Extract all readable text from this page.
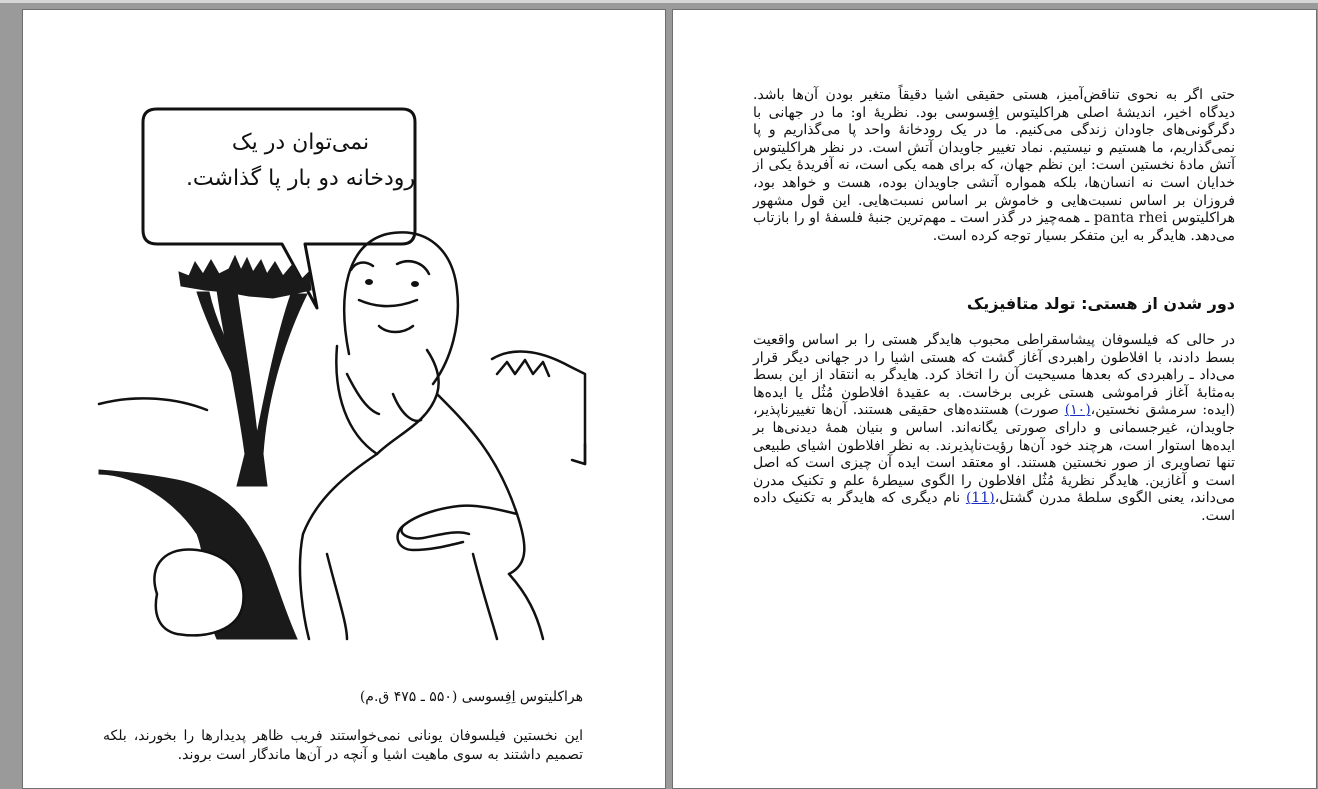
نمی‌توان در یک
رودخانه دو بار پا گذاشت.
هراکلیتوس اِفِسوسی (۵۵۰ ـ ۴۷۵ ق.م)

این نخستین فیلسوفان یونانی نمی‌خواستند فریب ظاهر پدیدارها را بخورند، بلکه تصمیم داشتند به سوی ماهیت اشیا و آنچه در آن‌ها ماندگار است بروند.

حتی اگر به نحوی تناقض‌آمیز، هستی حقیقی اشیا دقیقاً متغیر بودن آن‌ها باشد. دیدگاه اخیر، اندیشهٔ اصلی هراکلیتوس اِفِسوسی بود. نظریهٔ او: ما در جهانی با دگرگونی‌های جاودان زندگی می‌کنیم. ما در یک رودخانهٔ واحد پا می‌گذاریم و پا نمی‌گذاریم، ما هستیم و نیستیم. نماد تغییر جاویدان آتش است. در نظر هراکلیتوس آتش مادهٔ نخستین است: این نظم جهان، که برای همه یکی است، نه آفریدهٔ یکی از خدایان است نه انسان‌ها، بلکه همواره آتشی جاویدان بوده، هست و خواهد بود، فروزان بر اساس نسبت‌هایی و خاموش بر اساس نسبت‌هایی. این قول مشهور هراکلیتوس panta rhei ـ همه‌چیز در گذر است ـ مهم‌ترین جنبهٔ فلسفهٔ او را بازتاب می‌دهد. هایدگر به این متفکر بسیار توجه کرده است.

دور شدن از هستی: تولد متافیزیک

در حالی که فیلسوفان پیشاسقراطی محبوب هایدگر هستی را بر اساس واقعیت بسط دادند، با افلاطون راهبردی آغاز گشت که هستی اشیا را در جهانی دیگر قرار می‌داد ـ راهبردی که بعدها مسیحیت آن را اتخاذ کرد. هایدگر به انتقاد از این بسط به‌مثابهٔ آغاز فراموشی هستی غربی برخاست. به عقیدهٔ افلاطون مُثُل یا ایده‌ها (ایده: سرمشق نخستین،(۱۰) صورت) هستنده‌های حقیقی هستند. آن‌ها تغییرناپذیر، جاویدان، غیرجسمانی و دارای صورتی یگانه‌اند. اساس و بنیان همهٔ دیدنی‌ها بر ایده‌ها استوار است، هرچند خود آن‌ها رؤیت‌ناپذیرند. به نظر افلاطون اشیای طبیعی تنها تصاویری از صور نخستین هستند. او معتقد است ایده آن چیزی است که اصل است و آغازین. هایدگر نظریهٔ مُثُل افلاطون را الگوی سیطرهٔ علم و تکنیک مدرن می‌داند، یعنی الگوی سلطهٔ مدرن گشتل،(11) نام دیگری که هایدگر به تکنیک داده است.
